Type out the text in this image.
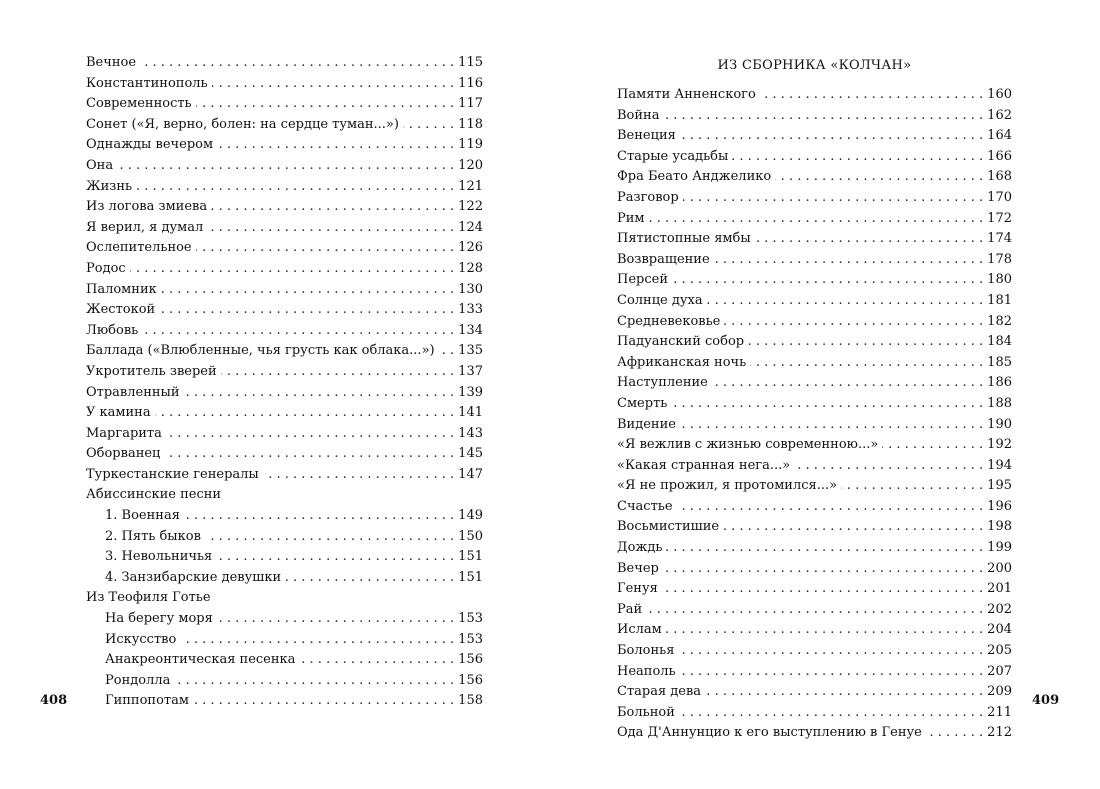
Вечное . . .	115
Константинополь . . .	116
Современность . . .	117
Сонет («Я, верно, болен: на сердце туман...») . . .	118
Однажды вечером . . .	119
Она . . .	120
Жизнь . . .	121
Из логова змиева . . .	122
Я верил, я думал . . .	124
Ослепительное . . .	126
Родос . . .	128
Паломник . . .	130
Жестокой . . .	133
Любовь . . .	134
Баллада («Влюбленные, чья грусть как облака...») . . . 135
Укротитель зверей . . .	137
Отравленный . . .	139
У камина . . .	141
Маргарита . . .	143
Оборванец . . .	145
Туркестанские генералы . . .	147
Абиссинские песни
1. Военная . . .	149
2. Пять быков . . .	150
3. Невольничья . . .	151
4. Занзибарские девушки . . .	151
Из Теофиля Готье
На берегу моря . . .	153
Искусство . . .	153
Анакреонтическая песенка . . .	156
Рондолла . . .	156
Гиппопотам . . .	158
408
ИЗ СБОРНИКА «КОЛЧАН»
Памяти Анненского . . .	160
Война . . .	162
Венеция . . .	164
Старые усадьбы . . .	166
Фра Беато Анджелико . . .	168
Разговор . . .	170
Рим . . .	172
Пятистопные ямбы . . .	174
Возвращение . . .	178
Персей . . .	180
Солнце духа . . .	181
Средневековье . . .	182
Падуанский собор . . .	184
Африканская ночь . . .	185
Наступление . . .	186
Смерть . . .	188
Видение . . .	190
«Я вежлив с жизнью современною...» . . .	192
«Какая странная нега...» . . .	194
«Я не прожил, я протомился...» . . .	195
Счастье . . .	196
Восьмистишие . . .	198
Дождь . . .	199
Вечер . . .	200
Генуя . . .	201
Рай . . .	202
Ислам . . .	204
Болонья . . .	205
Неаполь . . .	207
Старая дева . . .	209
Больной . . .	211
Ода Д'Аннунцио к его выступлению в Генуе . . .	212
409
